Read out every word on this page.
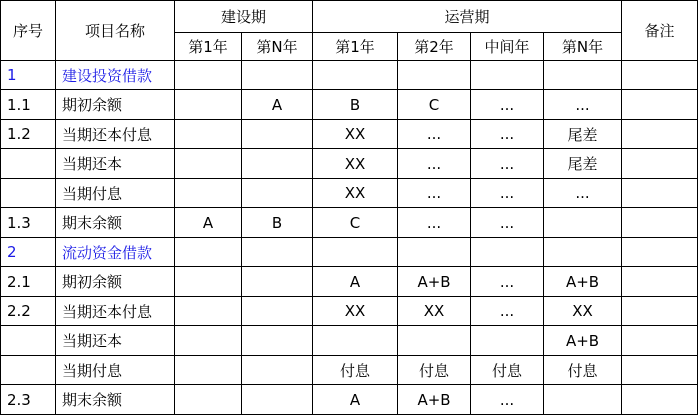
序号	项目名称	建设期		运营期				备注
		第1年	第N年	第1年	第2年	中间年	第N年	
1	建设投资借款							
1.1	期初余额		A	B	C	...	...	
1.2	当期还本付息			XX	...	...	尾差	
	当期还本			XX	...	...	尾差	
	当期付息			XX	...	...	...	
1.3	期末余额	A	B	C	...	...		
2	流动资金借款							
2.1	期初余额			A	A+B	...	A+B	
2.2	当期还本付息			XX	XX	...	XX	
	当期还本						A+B	
	当期付息			付息	付息	付息	付息	
2.3	期末余额			A	A+B	...		
